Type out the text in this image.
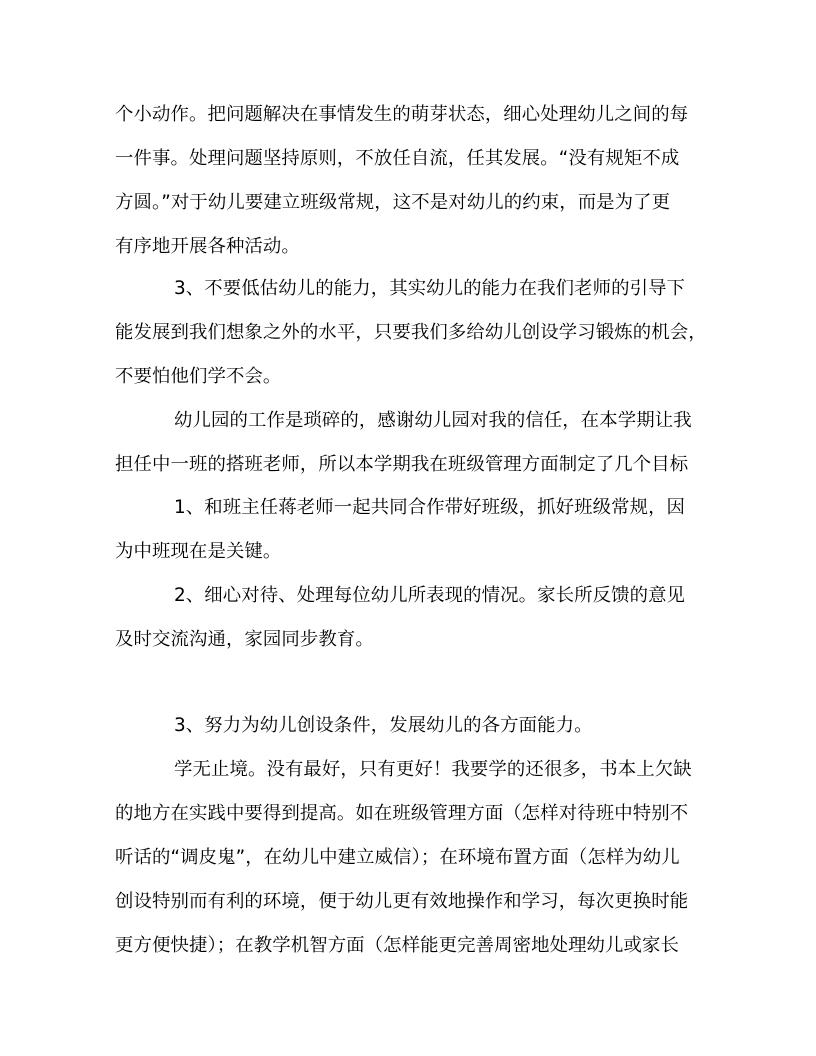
个小动作。把问题解决在事情发生的萌芽状态，细心处理幼儿之间的每
一件事。处理问题坚持原则，不放任自流，任其发展。“没有规矩不成
方圆。”对于幼儿要建立班级常规，这不是对幼儿的约束，而是为了更
有序地开展各种活动。
3、不要低估幼儿的能力，其实幼儿的能力在我们老师的引导下
能发展到我们想象之外的水平，只要我们多给幼儿创设学习锻炼的机会，
不要怕他们学不会。
幼儿园的工作是琐碎的，感谢幼儿园对我的信任，在本学期让我
担任中一班的搭班老师，所以本学期我在班级管理方面制定了几个目标
1、和班主任蒋老师一起共同合作带好班级，抓好班级常规，因
为中班现在是关键。
2、细心对待、处理每位幼儿所表现的情况。家长所反馈的意见
及时交流沟通，家园同步教育。
3、努力为幼儿创设条件，发展幼儿的各方面能力。
学无止境。没有最好，只有更好！我要学的还很多，书本上欠缺
的地方在实践中要得到提高。如在班级管理方面（怎样对待班中特别不
听话的“调皮鬼”，在幼儿中建立威信）；在环境布置方面（怎样为幼儿
创设特别而有利的环境，便于幼儿更有效地操作和学习，每次更换时能
更方便快捷）；在教学机智方面（怎样能更完善周密地处理幼儿或家长
